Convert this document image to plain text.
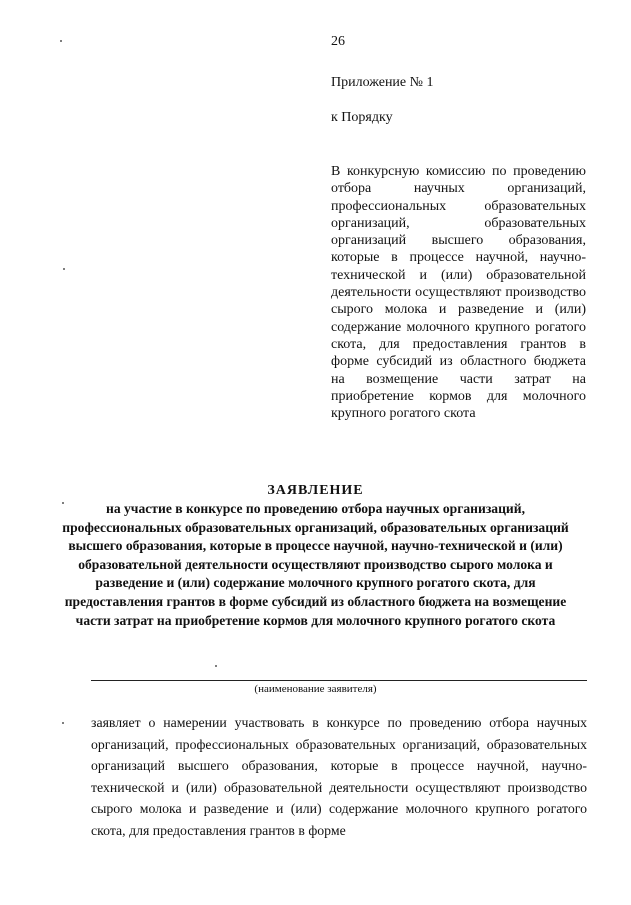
26
Приложение № 1
к Порядку
В конкурсную комиссию по проведению отбора научных организаций, профессиональных образовательных организаций, образовательных организаций высшего образования, которые в процессе научной, научно-технической и (или) образовательной деятельности осуществляют производство сырого молока и разведение и (или) содержание молочного крупного рогатого скота, для предоставления грантов в форме субсидий из областного бюджета на возмещение части затрат на приобретение кормов для молочного крупного рогатого скота
ЗАЯВЛЕНИЕ
на участие в конкурсе по проведению отбора научных организаций, профессиональных образовательных организаций, образовательных организаций высшего образования, которые в процессе научной, научно-технической и (или) образовательной деятельности осуществляют производство сырого молока и разведение и (или) содержание молочного крупного рогатого скота, для предоставления грантов в форме субсидий из областного бюджета на возмещение части затрат на приобретение кормов для молочного крупного рогатого скота
(наименование заявителя)
заявляет о намерении участвовать в конкурсе по проведению отбора научных организаций, профессиональных образовательных организаций, образовательных организаций высшего образования, которые в процессе научной, научно-технической и (или) образовательной деятельности осуществляют производство сырого молока и разведение и (или) содержание молочного крупного рогатого скота, для предоставления грантов в форме
